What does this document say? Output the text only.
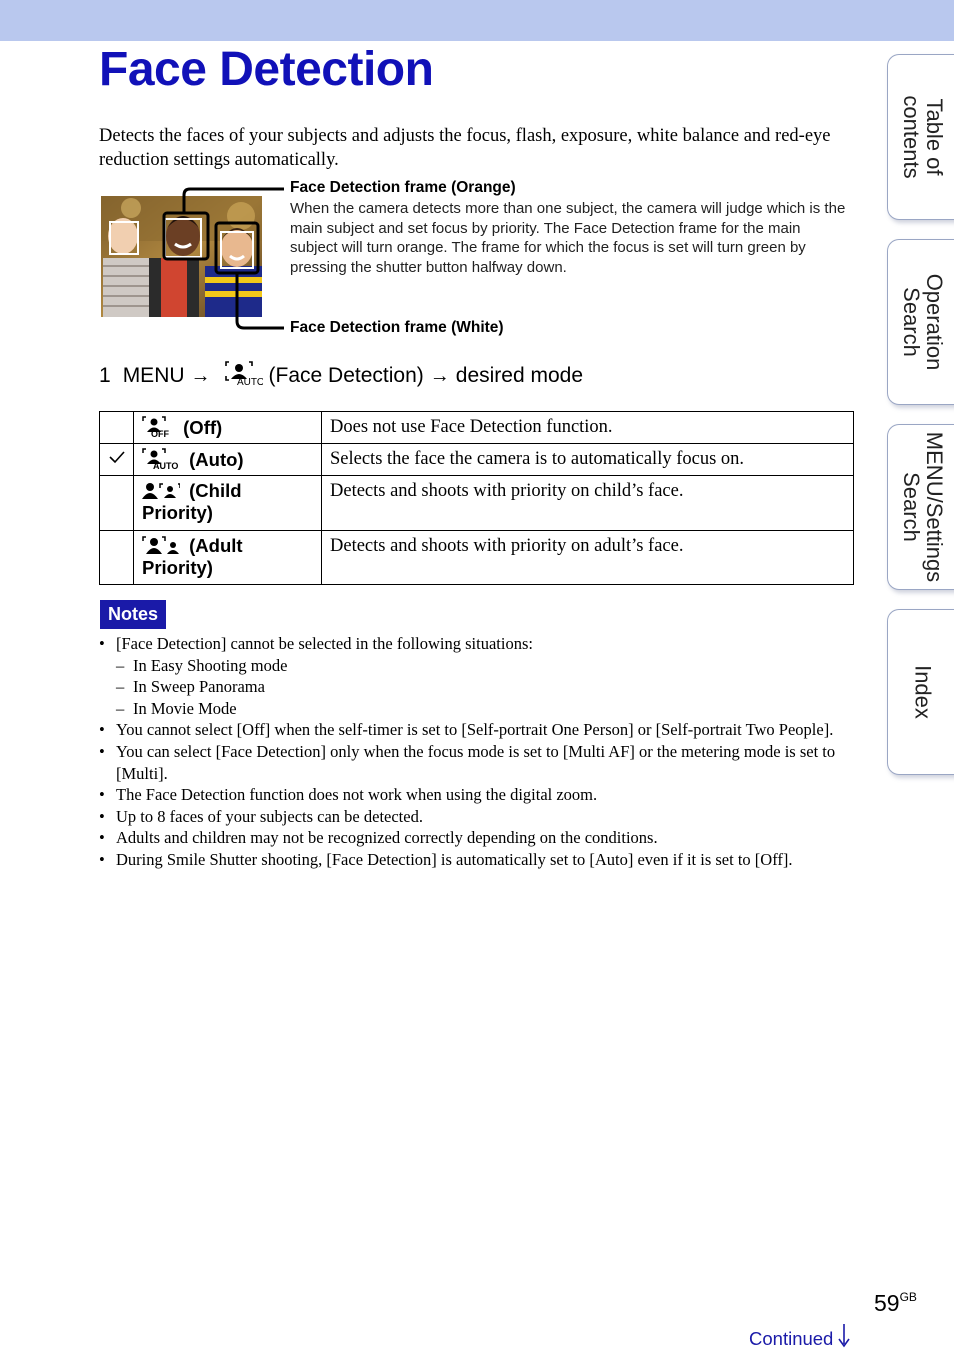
Face Detection

Detects the faces of your subjects and adjusts the focus, flash, exposure, white balance and red-eye reduction settings automatically.

Face Detection frame (Orange)
When the camera detects more than one subject, the camera will judge which is the main subject and set focus by priority. The Face Detection frame for the main subject will turn orange. The frame for which the focus is set will turn green by pressing the shutter button halfway down.
Face Detection frame (White)
1 MENU →	AUTO (Face Detection) → desired mode

OFF (Off)	Does not use Face Detection function.

AUTO (Auto)	Selects the face the camera is to automatically focus on.
	(Child Priority)	Detects and shoots with priority on child’s face.
	(Adult Priority)	Detects and shoots with priority on adult’s face.
Notes
• [Face Detection] cannot be selected in the following situations:
– In Easy Shooting mode
– In Sweep Panorama
– In Movie Mode
• You cannot select [Off] when the self-timer is set to [Self-portrait One Person] or [Self-portrait Two People].
• You can select [Face Detection] only when the focus mode is set to [Multi AF] or the metering mode is set to [Multi].
• The Face Detection function does not work when using the digital zoom.
• Up to 8 faces of your subjects can be detected.
• Adults and children may not be recognized correctly depending on the conditions.
• During Smile Shutter shooting, [Face Detection] is automatically set to [Auto] even if it is set to [Off].
Table of
contents
Operation
Search
MENU/Settings
Search
Index
$59^{GB}$
Continued
